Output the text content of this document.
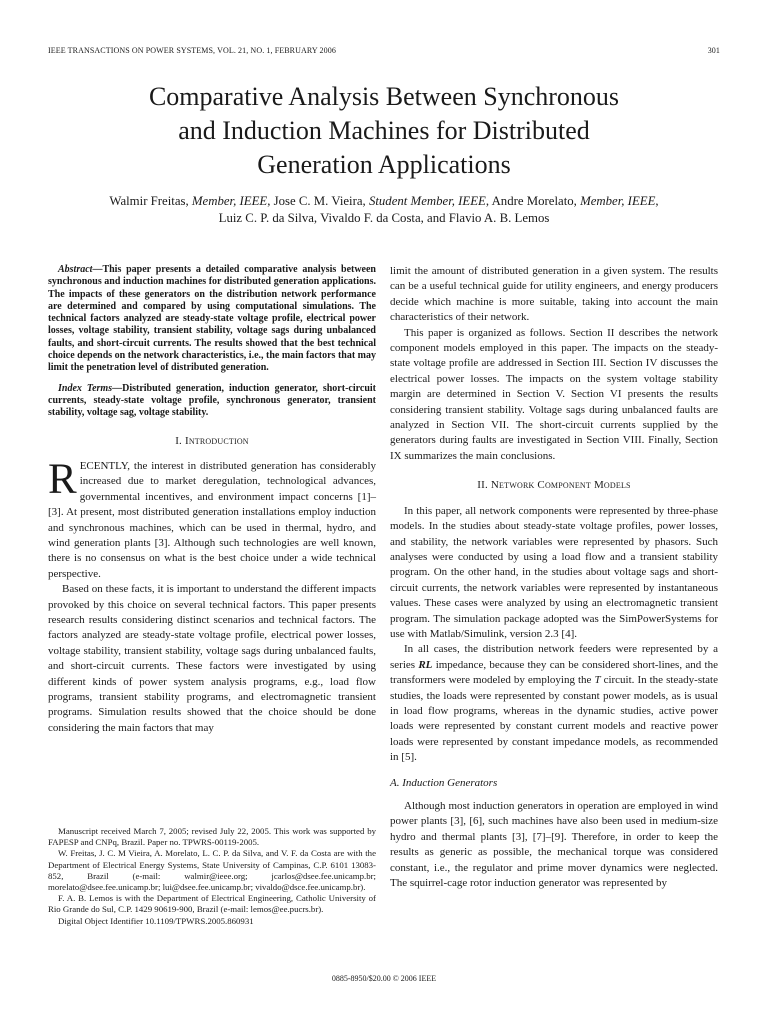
IEEE TRANSACTIONS ON POWER SYSTEMS, VOL. 21, NO. 1, FEBRUARY 2006	301
Comparative Analysis Between Synchronous
and Induction Machines for Distributed
Generation Applications
Walmir Freitas, Member, IEEE, Jose C. M. Vieira, Student Member, IEEE, Andre Morelato, Member, IEEE,
Luiz C. P. da Silva, Vivaldo F. da Costa, and Flavio A. B. Lemos

Abstract—This paper presents a detailed comparative analysis between synchronous and induction machines for distributed generation applications. The impacts of these generators on the distribution network performance are determined and compared by using computational simulations. The technical factors analyzed are steady-state voltage profile, electrical power losses, voltage stability, transient stability, voltage sags during unbalanced faults, and short-circuit currents. The results showed that the best technical choice depends on the network characteristics, i.e., the main factors that may limit the penetration level of distributed generation.

Index Terms—Distributed generation, induction generator, short-circuit currents, steady-state voltage profile, synchronous generator, transient stability, voltage sag, voltage stability.

I. Introduction

RECENTLY, the interest in distributed generation has considerably increased due to market deregulation, technological advances, governmental incentives, and environment impact concerns [1]–[3]. At present, most distributed generation installations employ induction and synchronous machines, which can be used in thermal, hydro, and wind generation plants [3]. Although such technologies are well known, there is no consensus on what is the best choice under a wide technical perspective.

Based on these facts, it is important to understand the different impacts provoked by this choice on several technical factors. This paper presents research results considering distinct scenarios and technical factors. The factors analyzed are steady-state voltage profile, electrical power losses, voltage stability, transient stability, voltage sags during unbalanced faults, and short-circuit currents. These factors were investigated by using different kinds of power system analysis programs, e.g., load flow programs, transient stability programs, and electromagnetic transient programs. Simulation results showed that the choice should be done considering the main factors that may

limit the amount of distributed generation in a given system. The results can be a useful technical guide for utility engineers, and energy producers decide which machine is more suitable, taking into account the main characteristics of their network.

This paper is organized as follows. Section II describes the network component models employed in this paper. The impacts on the steady-state voltage profile are addressed in Section III. Section IV discusses the electrical power losses. The impacts on the system voltage stability margin are determined in Section V. Section VI presents the results considering transient stability. Voltage sags during unbalanced faults are analyzed in Section VII. The short-circuit currents supplied by the generators during faults are investigated in Section VIII. Finally, Section IX summarizes the main conclusions.

II. Network Component Models

In this paper, all network components were represented by three-phase models. In the studies about steady-state voltage profiles, power losses, and stability, the network variables were represented by phasors. Such analyses were conducted by using a load flow and a transient stability program. On the other hand, in the studies about voltage sags and short-circuit currents, the network variables were represented by instantaneous values. These cases were analyzed by using an electromagnetic transient program. The simulation package adopted was the SimPowerSystems for use with Matlab/Simulink, version 2.3 [4].

In all cases, the distribution network feeders were represented by a series RL impedance, because they can be considered short-lines, and the transformers were modeled by employing the T circuit. In the steady-state studies, the loads were represented by constant power models, as is usual in load flow programs, whereas in the dynamic studies, active power loads were represented by constant current models and reactive power loads were represented by constant impedance models, as recommended in [5].

A. Induction Generators

Although most induction generators in operation are employed in wind power plants [3], [6], such machines have also been used in medium-size hydro and thermal plants [3], [7]–[9]. Therefore, in order to keep the results as generic as possible, the mechanical torque was considered constant, i.e., the regulator and prime mover dynamics were neglected. The squirrel-cage rotor induction generator was represented by

Manuscript received March 7, 2005; revised July 22, 2005. This work was supported by FAPESP and CNPq, Brazil. Paper no. TPWRS-00119-2005.

W. Freitas, J. C. M Vieira, A. Morelato, L. C. P. da Silva, and V. F. da Costa are with the Department of Electrical Energy Systems, State University of Campinas, C.P. 6101 13083-852, Brazil (e-mail: walmir@ieee.org; jcarlos@dsee.fee.unicamp.br; morelato@dsee.fee.unicamp.br; lui@dsee.fee.unicamp.br; vivaldo@dsce.fee.unicamp.br).

F. A. B. Lemos is with the Department of Electrical Engineering, Catholic University of Rio Grande do Sul, C.P. 1429 90619-900, Brazil (e-mail: lemos@ee.pucrs.br).

Digital Object Identifier 10.1109/TPWRS.2005.860931

0885-8950/$20.00 © 2006 IEEE
